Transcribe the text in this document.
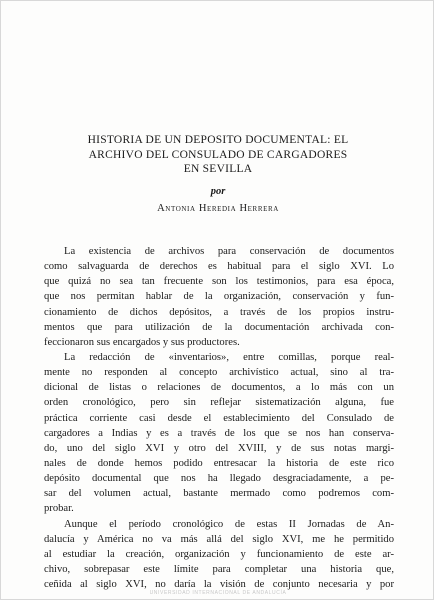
HISTORIA DE UN DEPOSITO DOCUMENTAL: EL
ARCHIVO DEL CONSULADO DE CARGADORES
EN SEVILLA

por

Antonia Heredia Herrera

La existencia de archivos para conservación de documentos
como salvaguarda de derechos es habitual para el siglo XVI. Lo
que quizá no sea tan frecuente son los testimonios, para esa época,
que nos permitan hablar de la organización, conservación y fun-
cionamiento de dichos depósitos, a través de los propios instru-
mentos que para utilización de la documentación archivada con-
feccionaron sus encargados y sus productores.

La redacción de «inventarios», entre comillas, porque real-
mente no responden al concepto archivístico actual, sino al tra-
dicional de listas o relaciones de documentos, a lo más con un
orden cronológico, pero sin reflejar sistematización alguna, fue
práctica corriente casi desde el establecimiento del Consulado de
cargadores a Indias y es a través de los que se nos han conserva-
do, uno del siglo XVI y otro del XVIII, y de sus notas margi-
nales de donde hemos podido entresacar la historia de este rico
depósito documental que nos ha llegado desgraciadamente, a pe-
sar del volumen actual, bastante mermado como podremos com-
probar.

Aunque el período cronológico de estas II Jornadas de An-
dalucía y América no va más allá del siglo XVI, me he permitido
al estudiar la creación, organización y funcionamiento de este ar-
chivo, sobrepasar este límite para completar una historia que,
ceñida al siglo XVI, no daría la visión de conjunto necesaria y por

UNIVERSIDAD INTERNACIONAL DE ANDALUCÍA
